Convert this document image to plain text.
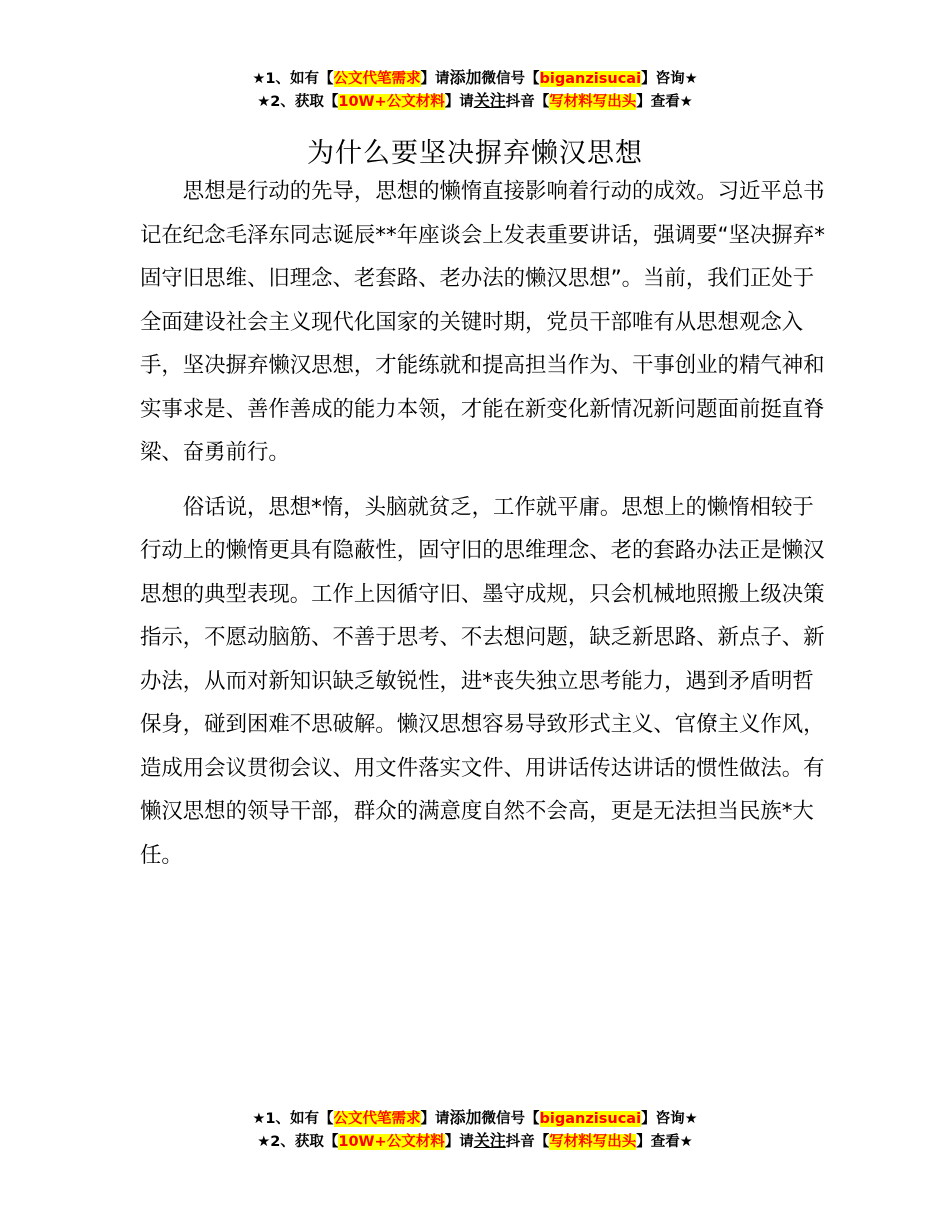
★1、如有【公文代笔需求】请添加微信号【biganzisucai】咨询★
★2、获取【10W+公文材料】请关注抖音【写材料写出头】查看★
为什么要坚决摒弃懒汉思想

思想是行动的先导，思想的懒惰直接影响着行动的成效。习近平总书记在纪念毛泽东同志诞辰**年座谈会上发表重要讲话，强调要“坚决摒弃*固守旧思维、旧理念、老套路、老办法的懒汉思想”。当前，我们正处于全面建设社会主义现代化国家的关键时期，党员干部唯有从思想观念入手，坚决摒弃懒汉思想，才能练就和提高担当作为、干事创业的精气神和实事求是、善作善成的能力本领，才能在新变化新情况新问题面前挺直脊梁、奋勇前行。

俗话说，思想*惰，头脑就贫乏，工作就平庸。思想上的懒惰相较于行动上的懒惰更具有隐蔽性，固守旧的思维理念、老的套路办法正是懒汉思想的典型表现。工作上因循守旧、墨守成规，只会机械地照搬上级决策指示，不愿动脑筋、不善于思考、不去想问题，缺乏新思路、新点子、新办法，从而对新知识缺乏敏锐性，进*丧失独立思考能力，遇到矛盾明哲保身，碰到困难不思破解。懒汉思想容易导致形式主义、官僚主义作风，造成用会议贯彻会议、用文件落实文件、用讲话传达讲话的惯性做法。有懒汉思想的领导干部，群众的满意度自然不会高，更是无法担当民族*大任。

★1、如有【公文代笔需求】请添加微信号【biganzisucai】咨询★
★2、获取【10W+公文材料】请关注抖音【写材料写出头】查看★
